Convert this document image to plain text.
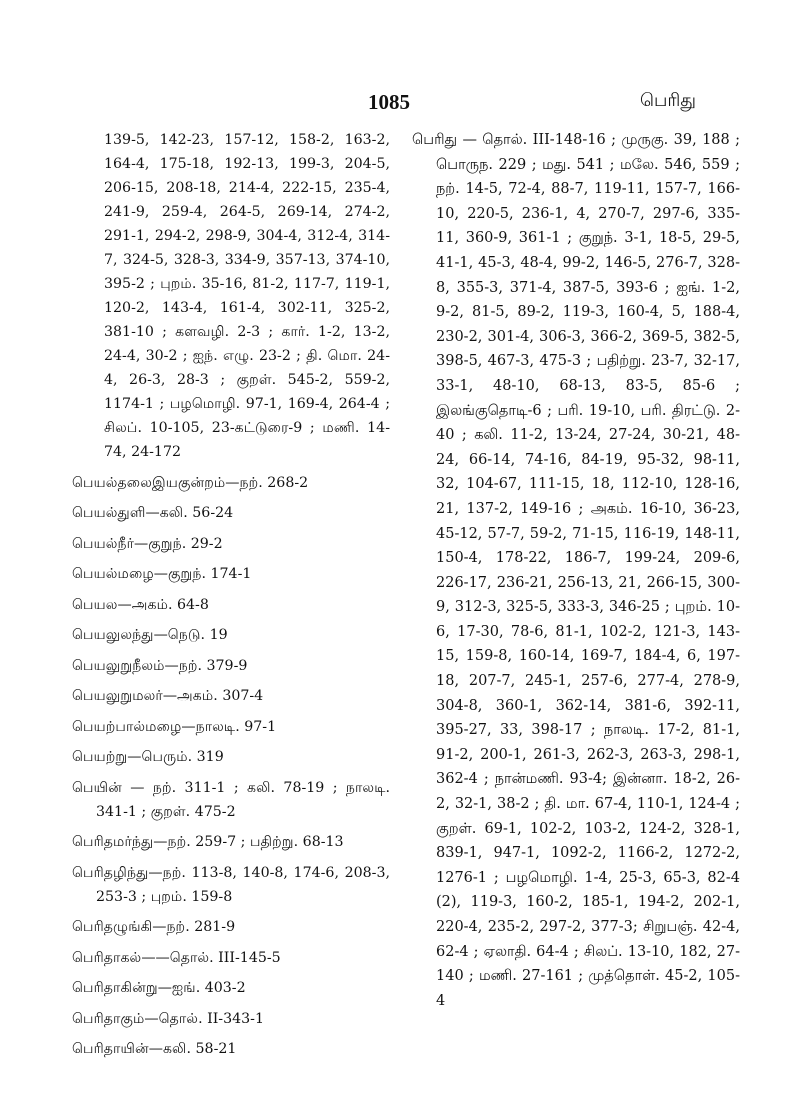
1085	பெரிது

139-5, 142-23, 157-12, 158-2, 163-2, 164-4, 175-18, 192-13, 199-3, 204-5, 206-15, 208-18, 214-4, 222-15, 235-4, 241-9, 259-4, 264-5, 269-14, 274-2, 291-1, 294-2, 298-9, 304-4, 312-4, 314-7, 324-5, 328-3, 334-9, 357-13, 374-10, 395-2 ; புறம். 35-16, 81-2, 117-7, 119-1, 120-2, 143-4, 161-4, 302-11, 325-2, 381-10 ; களவழி. 2-3 ; கார். 1-2, 13-2, 24-4, 30-2 ; ஐந். எழு. 23-2 ; தி. மொ. 24-4, 26-3, 28-3 ; குறள். 545-2, 559-2, 1174-1 ; பழமொழி. 97-1, 169-4, 264-4 ; சிலப். 10-105, 23-கட்டுரை-9 ; மணி. 14-74, 24-172

பெயல்தலைஇயகுன்றம்—நற். 268-2

பெயல்துளி—கலி. 56-24

பெயல்நீர்—குறுந். 29-2

பெயல்மழை—குறுந். 174-1

பெயல—அகம். 64-8

பெயலுலந்து—நெடு. 19

பெயலுறுநீலம்—நற். 379-9

பெயலுறுமலர்—அகம். 307-4

பெயற்பால்மழை—நாலடி. 97-1

பெயற்று—பெரும். 319

பெயின் — நற். 311-1 ; கலி. 78-19 ; நாலடி. 341-1 ; குறள். 475-2

பெரிதமர்ந்து—நற். 259-7 ; பதிற்று. 68-13

பெரிதழிந்து—நற். 113-8, 140-8, 174-6, 208-3, 253-3 ; புறம். 159-8

பெரிதழுங்கி—நற். 281-9

பெரிதாகல்——தொல். III-145-5

பெரிதாகின்று—ஐங். 403-2

பெரிதாகும்—தொல். II-343-1

பெரிதாயின்—கலி. 58-21

பெரிது — தொல். III-148-16 ; முருகு. 39, 188 ; பொருந. 229 ; மது. 541 ; மலே. 546, 559 ; நற். 14-5, 72-4, 88-7, 119-11, 157-7, 166-10, 220-5, 236-1, 4, 270-7, 297-6, 335-11, 360-9, 361-1 ; குறுந். 3-1, 18-5, 29-5, 41-1, 45-3, 48-4, 99-2, 146-5, 276-7, 328-8, 355-3, 371-4, 387-5, 393-6 ; ஐங். 1-2, 9-2, 81-5, 89-2, 119-3, 160-4, 5, 188-4, 230-2, 301-4, 306-3, 366-2, 369-5, 382-5, 398-5, 467-3, 475-3 ; பதிற்று. 23-7, 32-17, 33-1, 48-10, 68-13, 83-5, 85-6 ; இலங்குதொடி-6 ; பரி. 19-10, பரி. திரட்டு. 2-40 ; கலி. 11-2, 13-24, 27-24, 30-21, 48-24, 66-14, 74-16, 84-19, 95-32, 98-11, 32, 104-67, 111-15, 18, 112-10, 128-16, 21, 137-2, 149-16 ; அகம். 16-10, 36-23, 45-12, 57-7, 59-2, 71-15, 116-19, 148-11, 150-4, 178-22, 186-7, 199-24, 209-6, 226-17, 236-21, 256-13, 21, 266-15, 300-9, 312-3, 325-5, 333-3, 346-25 ; புறம். 10-6, 17-30, 78-6, 81-1, 102-2, 121-3, 143-15, 159-8, 160-14, 169-7, 184-4, 6, 197-18, 207-7, 245-1, 257-6, 277-4, 278-9, 304-8, 360-1, 362-14, 381-6, 392-11, 395-27, 33, 398-17 ; நாலடி. 17-2, 81-1, 91-2, 200-1, 261-3, 262-3, 263-3, 298-1, 362-4 ; நான்மணி. 93-4; இன்னா. 18-2, 26-2, 32-1, 38-2 ; தி. மா. 67-4, 110-1, 124-4 ; குறள். 69-1, 102-2, 103-2, 124-2, 328-1, 839-1, 947-1, 1092-2, 1166-2, 1272-2, 1276-1 ; பழமொழி. 1-4, 25-3, 65-3, 82-4 (2), 119-3, 160-2, 185-1, 194-2, 202-1, 220-4, 235-2, 297-2, 377-3; சிறுபஞ். 42-4, 62-4 ; ஏலாதி. 64-4 ; சிலப். 13-10, 182, 27-140 ; மணி. 27-161 ; முத்தொள். 45-2, 105-4
